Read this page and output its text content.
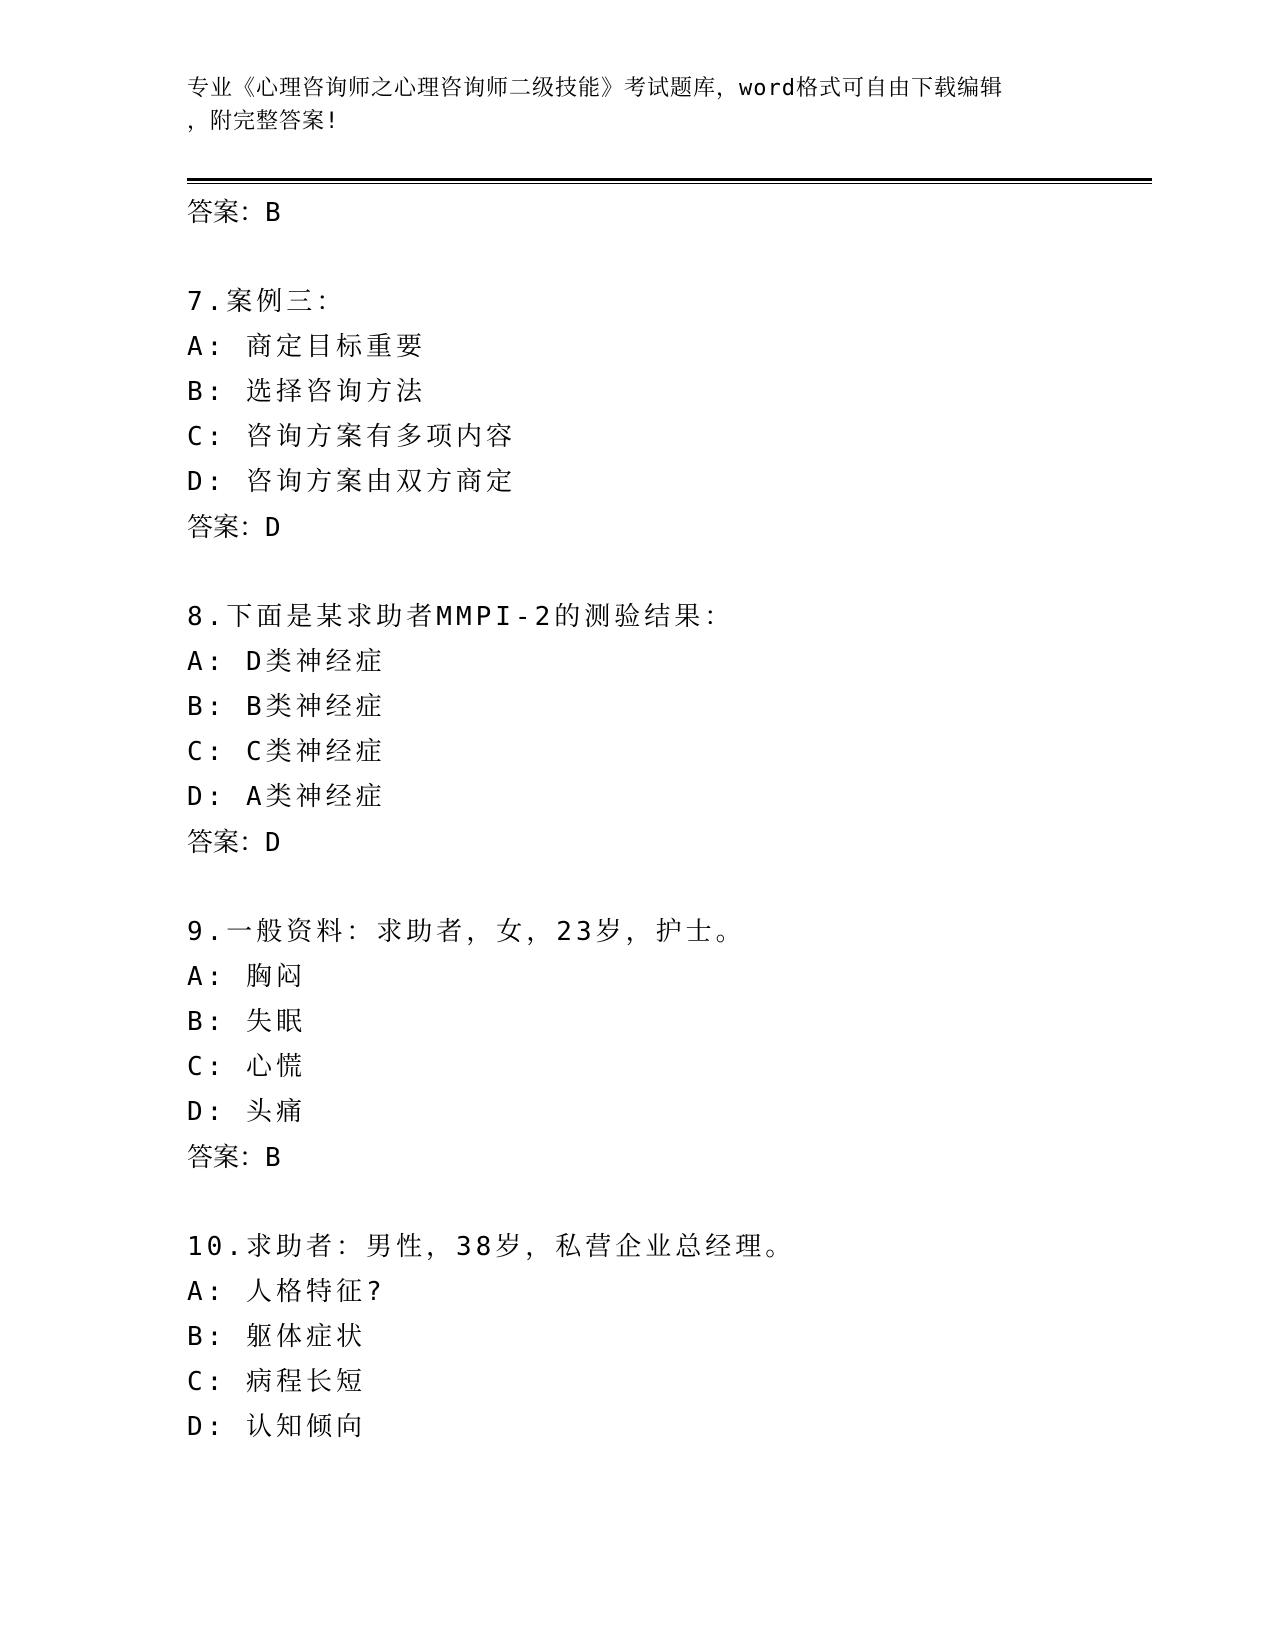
专业《心理咨询师之心理咨询师二级技能》考试题库，word格式可自由下载编辑
，附完整答案!
答案：B
7.案例三：
A: 商定目标重要
B: 选择咨询方法
C: 咨询方案有多项内容
D: 咨询方案由双方商定
答案：D
8.下面是某求助者MMPI-2的测验结果：
A: D类神经症
B: B类神经症
C: C类神经症
D: A类神经症
答案：D
9.一般资料：求助者，女，23岁，护士。
A: 胸闷
B: 失眠
C: 心慌
D: 头痛
答案：B
10.求助者：男性，38岁，私营企业总经理。
A: 人格特征?
B: 躯体症状
C: 病程长短
D: 认知倾向
